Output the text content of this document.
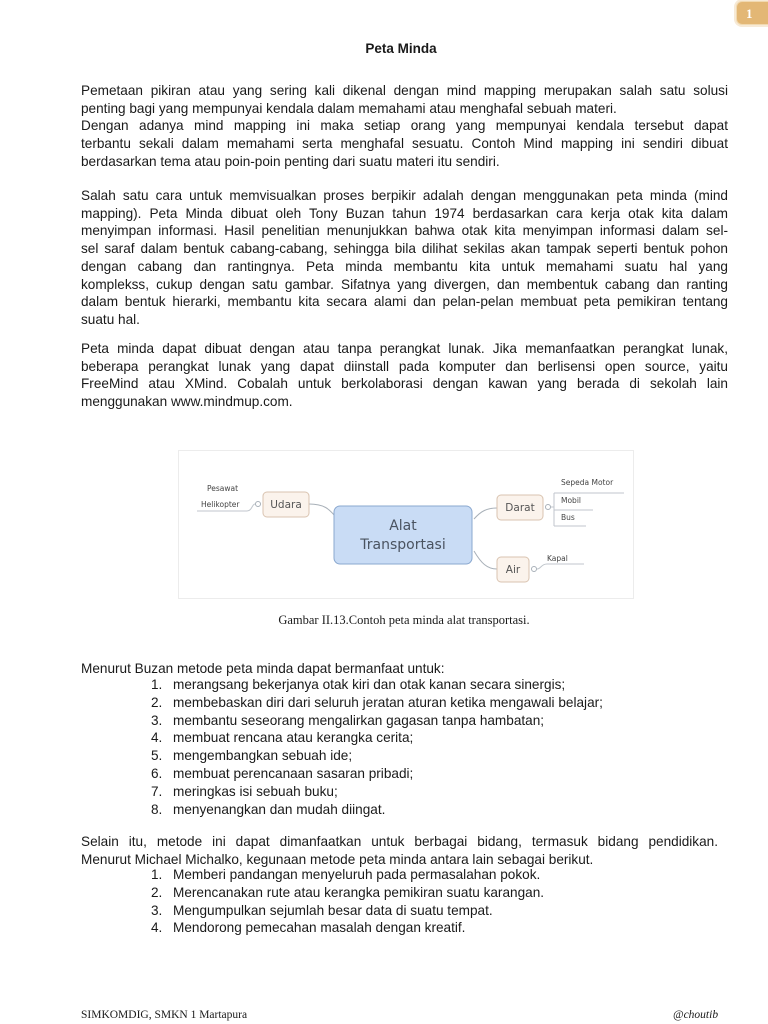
1
Peta Minda
Pemetaan pikiran atau yang sering kali dikenal dengan mind mapping merupakan salah satu solusi
penting bagi yang mempunyai kendala dalam memahami atau menghafal sebuah materi.
Dengan adanya mind mapping ini maka setiap orang yang mempunyai kendala tersebut dapat
terbantu sekali dalam memahami serta menghafal sesuatu. Contoh Mind mapping ini sendiri dibuat
berdasarkan tema atau poin-poin penting dari suatu materi itu sendiri.
Salah satu cara untuk memvisualkan proses berpikir adalah dengan menggunakan peta minda (mind
mapping). Peta Minda dibuat oleh Tony Buzan tahun 1974 berdasarkan cara kerja otak kita dalam
menyimpan informasi. Hasil penelitian menunjukkan bahwa otak kita menyimpan informasi dalam sel-
sel saraf dalam bentuk cabang-cabang, sehingga bila dilihat sekilas akan tampak seperti bentuk pohon
dengan cabang dan rantingnya. Peta minda membantu kita untuk memahami suatu hal yang
komplekss, cukup dengan satu gambar. Sifatnya yang divergen, dan membentuk cabang dan ranting
dalam bentuk hierarki, membantu kita secara alami dan pelan-pelan membuat peta pemikiran tentang
suatu hal.
Peta minda dapat dibuat dengan atau tanpa perangkat lunak. Jika memanfaatkan perangkat lunak,
beberapa perangkat lunak yang dapat diinstall pada komputer dan berlisensi open source, yaitu
FreeMind atau XMind. Cobalah untuk berkolaborasi dengan kawan yang berada di sekolah lain
menggunakan www.mindmup.com.
Alat
Transportasi
Udara
Pesawat
Helikopter	Darat
Sepeda Motor
Mobil
Bus
Air
Kapal
Gambar II.13.Contoh peta minda alat transportasi.
Menurut Buzan metode peta minda dapat bermanfaat untuk:
1. merangsang bekerjanya otak kiri dan otak kanan secara sinergis;
2. membebaskan diri dari seluruh jeratan aturan ketika mengawali belajar;
3. membantu seseorang mengalirkan gagasan tanpa hambatan;
4. membuat rencana atau kerangka cerita;
5. mengembangkan sebuah ide;
6. membuat perencanaan sasaran pribadi;
7. meringkas isi sebuah buku;
8. menyenangkan dan mudah diingat.
Selain itu, metode ini dapat dimanfaatkan untuk berbagai bidang, termasuk bidang pendidikan.
Menurut Michael Michalko, kegunaan metode peta minda antara lain sebagai berikut.
1. Memberi pandangan menyeluruh pada permasalahan pokok.
2. Merencanakan rute atau kerangka pemikiran suatu karangan.
3. Mengumpulkan sejumlah besar data di suatu tempat.
4. Mendorong pemecahan masalah dengan kreatif.
SIMKOMDIG, SMKN 1 Martapura	@choutib
